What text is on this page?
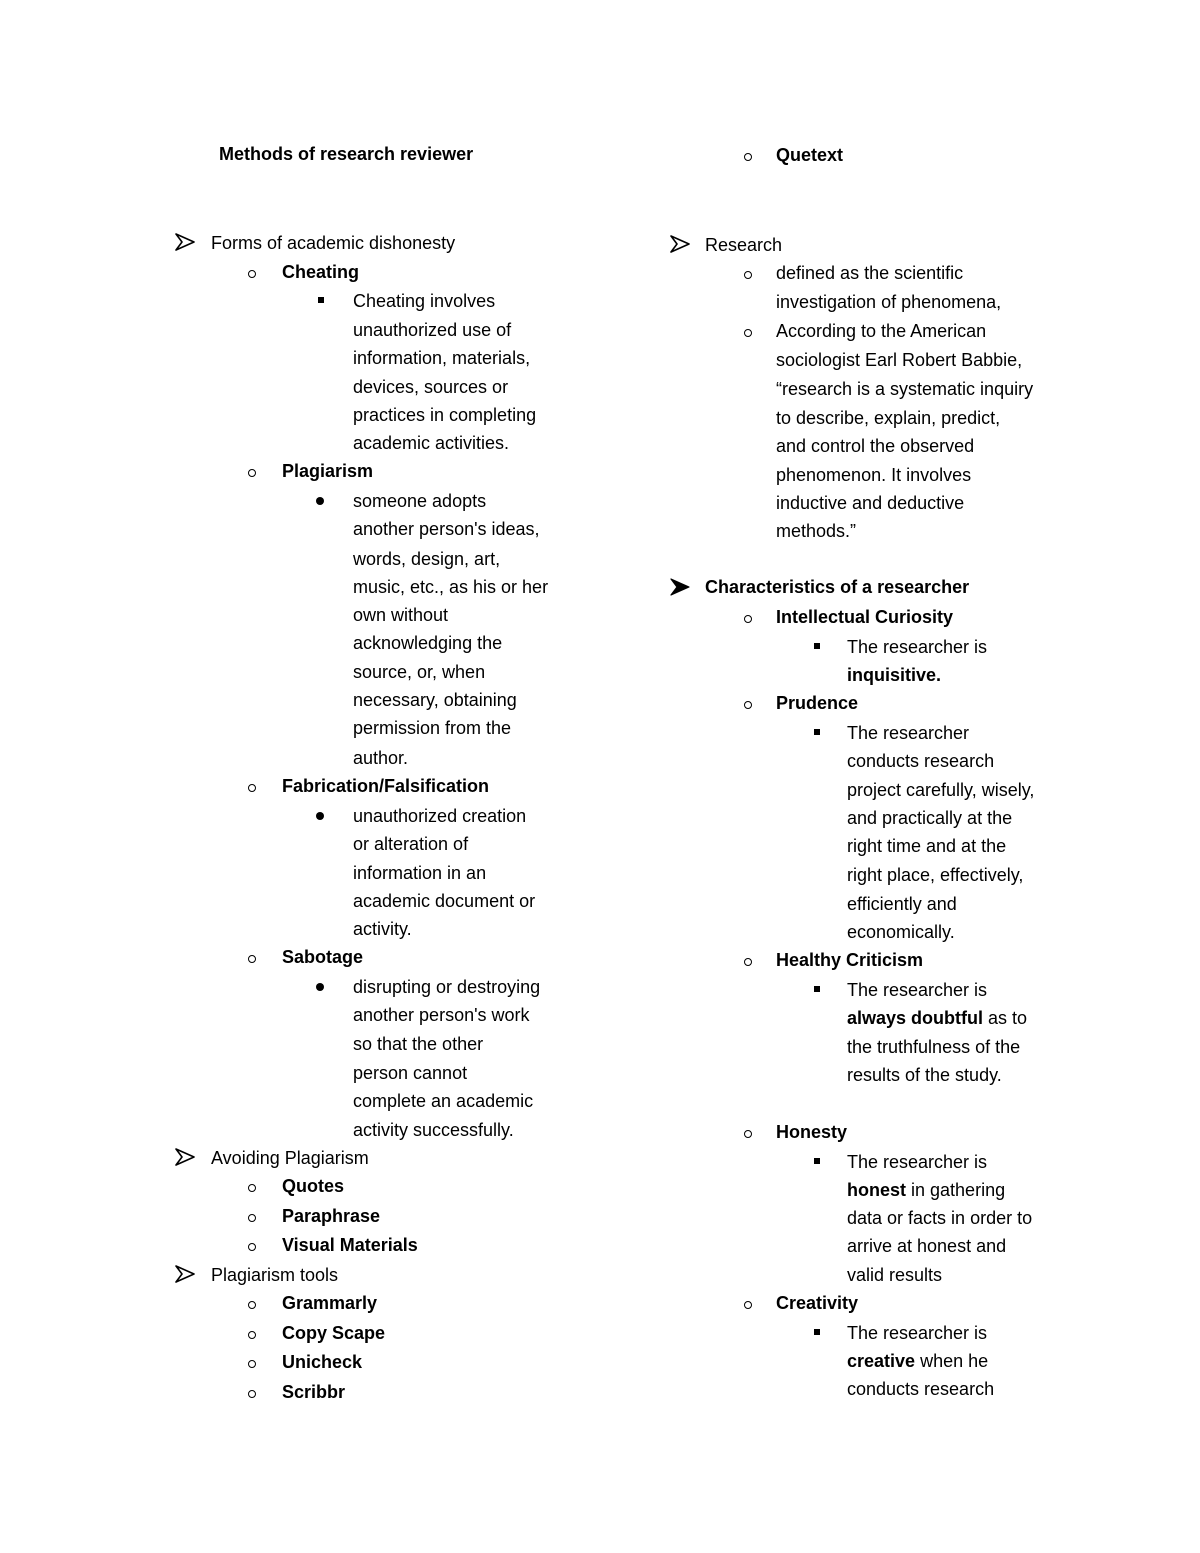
Methods of research reviewer
Forms of academic dishonesty
Cheating
Cheating involves
unauthorized use of
information, materials,
devices, sources or
practices in completing
academic activities.
Plagiarism
someone adopts
another person's ideas,
words, design, art,
music, etc., as his or her
own without
acknowledging the
source, or, when
necessary, obtaining
permission from the
author.
Fabrication/Falsification
unauthorized creation
or alteration of
information in an
academic document or
activity.
Sabotage
disrupting or destroying
another person's work
so that the other
person cannot
complete an academic
activity successfully.
Avoiding Plagiarism
Quotes
Paraphrase
Visual Materials
Plagiarism tools
Grammarly
Copy Scape
Unicheck
Scribbr
Quetext
Research
defined as the scientific
investigation of phenomena,
According to the American
sociologist Earl Robert Babbie,
“research is a systematic inquiry
to describe, explain, predict,
and control the observed
phenomenon. It involves
inductive and deductive
methods.”
Characteristics of a researcher
Intellectual Curiosity
The researcher is
inquisitive.
Prudence
The researcher
conducts research
project carefully, wisely,
and practically at the
right time and at the
right place, effectively,
efficiently and
economically.
Healthy Criticism
The researcher is
always doubtful as to
the truthfulness of the
results of the study.
Honesty
The researcher is
honest in gathering
data or facts in order to
arrive at honest and
valid results
Creativity
The researcher is
creative when he
conducts research
